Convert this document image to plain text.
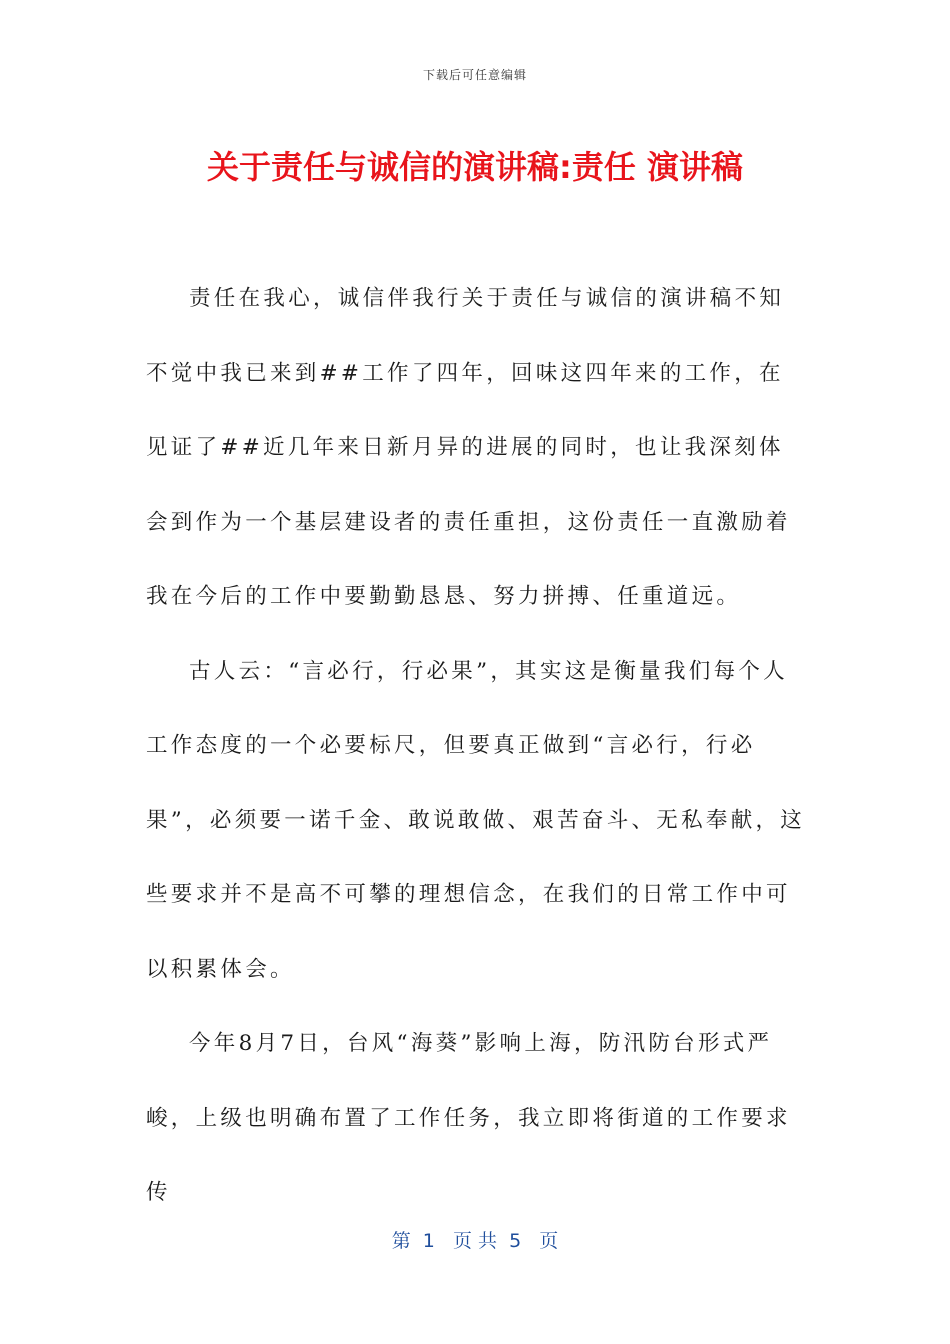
下载后可任意编辑
关于责任与诚信的演讲稿:责任 演讲稿

责任在我心，诚信伴我行关于责任与诚信的演讲稿不知不觉中我已来到##工作了四年，回味这四年来的工作，在见证了##近几年来日新月异的进展的同时，也让我深刻体会到作为一个基层建设者的责任重担，这份责任一直激励着我在今后的工作中要勤勤恳恳、努力拼搏、任重道远。

古人云：“言必行，行必果”，其实这是衡量我们每个人工作态度的一个必要标尺，但要真正做到“言必行，行必果”，必须要一诺千金、敢说敢做、艰苦奋斗、无私奉献，这些要求并不是高不可攀的理想信念，在我们的日常工作中可以积累体会。

今年8月7日，台风“海葵”影响上海，防汛防台形式严峻，上级也明确布置了工作任务，我立即将街道的工作要求传

第  1   页 共  5   页
